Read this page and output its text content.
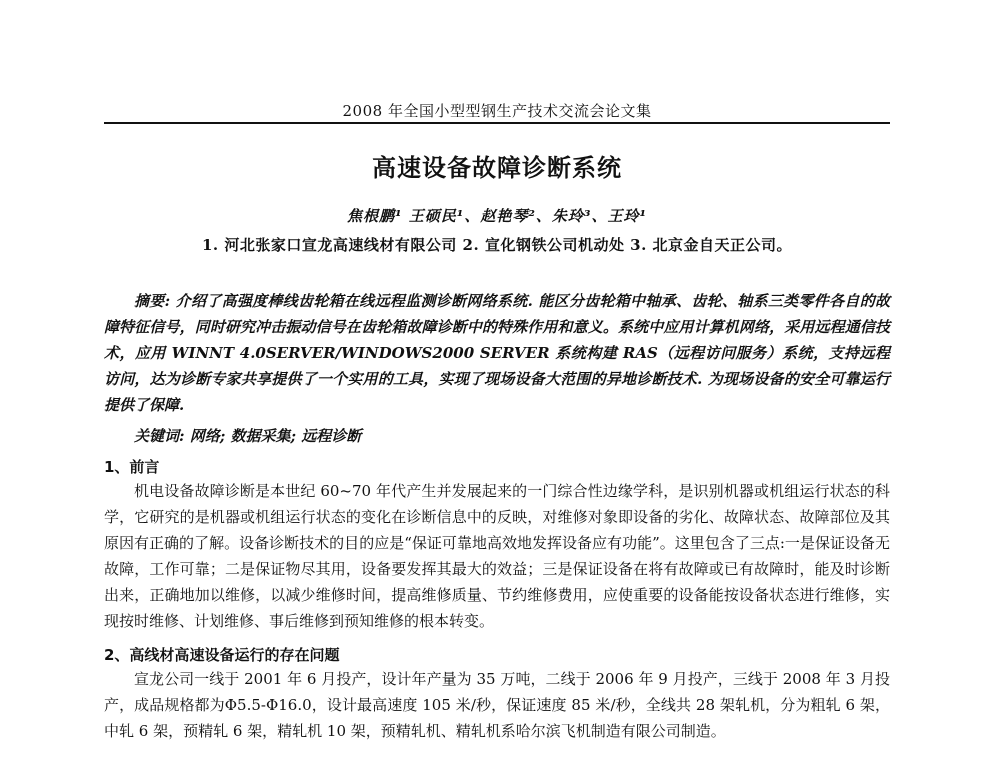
2008 年全国小型型钢生产技术交流会论文集
高速设备故障诊断系统
焦根鹏¹ 王硕民¹、赵艳琴²、朱玲³、王玲¹
1. 河北张家口宣龙高速线材有限公司 2. 宣化钢铁公司机动处 3. 北京金自天正公司。
摘要: 介绍了高强度棒线齿轮箱在线远程监测诊断网络系统. 能区分齿轮箱中轴承、齿轮、轴系三类零件各自的故障特征信号，同时研究冲击振动信号在齿轮箱故障诊断中的特殊作用和意义。系统中应用计算机网络，采用远程通信技术，应用 WINNT 4.0SERVER/WINDOWS2000 SERVER 系统构建 RAS（远程访问服务）系统，支持远程访问，达为诊断专家共享提供了一个实用的工具，实现了现场设备大范围的异地诊断技术. 为现场设备的安全可靠运行提供了保障.
关键词: 网络; 数据采集; 远程诊断
1、前言
机电设备故障诊断是本世纪 60~70 年代产生并发展起来的一门综合性边缘学科，是识别机器或机组运行状态的科学，它研究的是机器或机组运行状态的变化在诊断信息中的反映，对维修对象即设备的劣化、故障状态、故障部位及其原因有正确的了解。设备诊断技术的目的应是“保证可靠地高效地发挥设备应有功能”。这里包含了三点:一是保证设备无故障，工作可靠；二是保证物尽其用，设备要发挥其最大的效益；三是保证设备在将有故障或已有故障时，能及时诊断出来，正确地加以维修，以减少维修时间，提高维修质量、节约维修费用，应使重要的设备能按设备状态进行维修，实现按时维修、计划维修、事后维修到预知维修的根本转变。
2、高线材高速设备运行的存在问题
宣龙公司一线于 2001 年 6 月投产，设计年产量为 35 万吨，二线于 2006 年 9 月投产，三线于 2008 年 3 月投产，成品规格都为Φ5.5-Φ16.0，设计最高速度 105 米/秒，保证速度 85 米/秒，全线共 28 架轧机，分为粗轧 6 架，中轧 6 架，预精轧 6 架，精轧机 10 架，预精轧机、精轧机系哈尔滨飞机制造有限公司制造。
